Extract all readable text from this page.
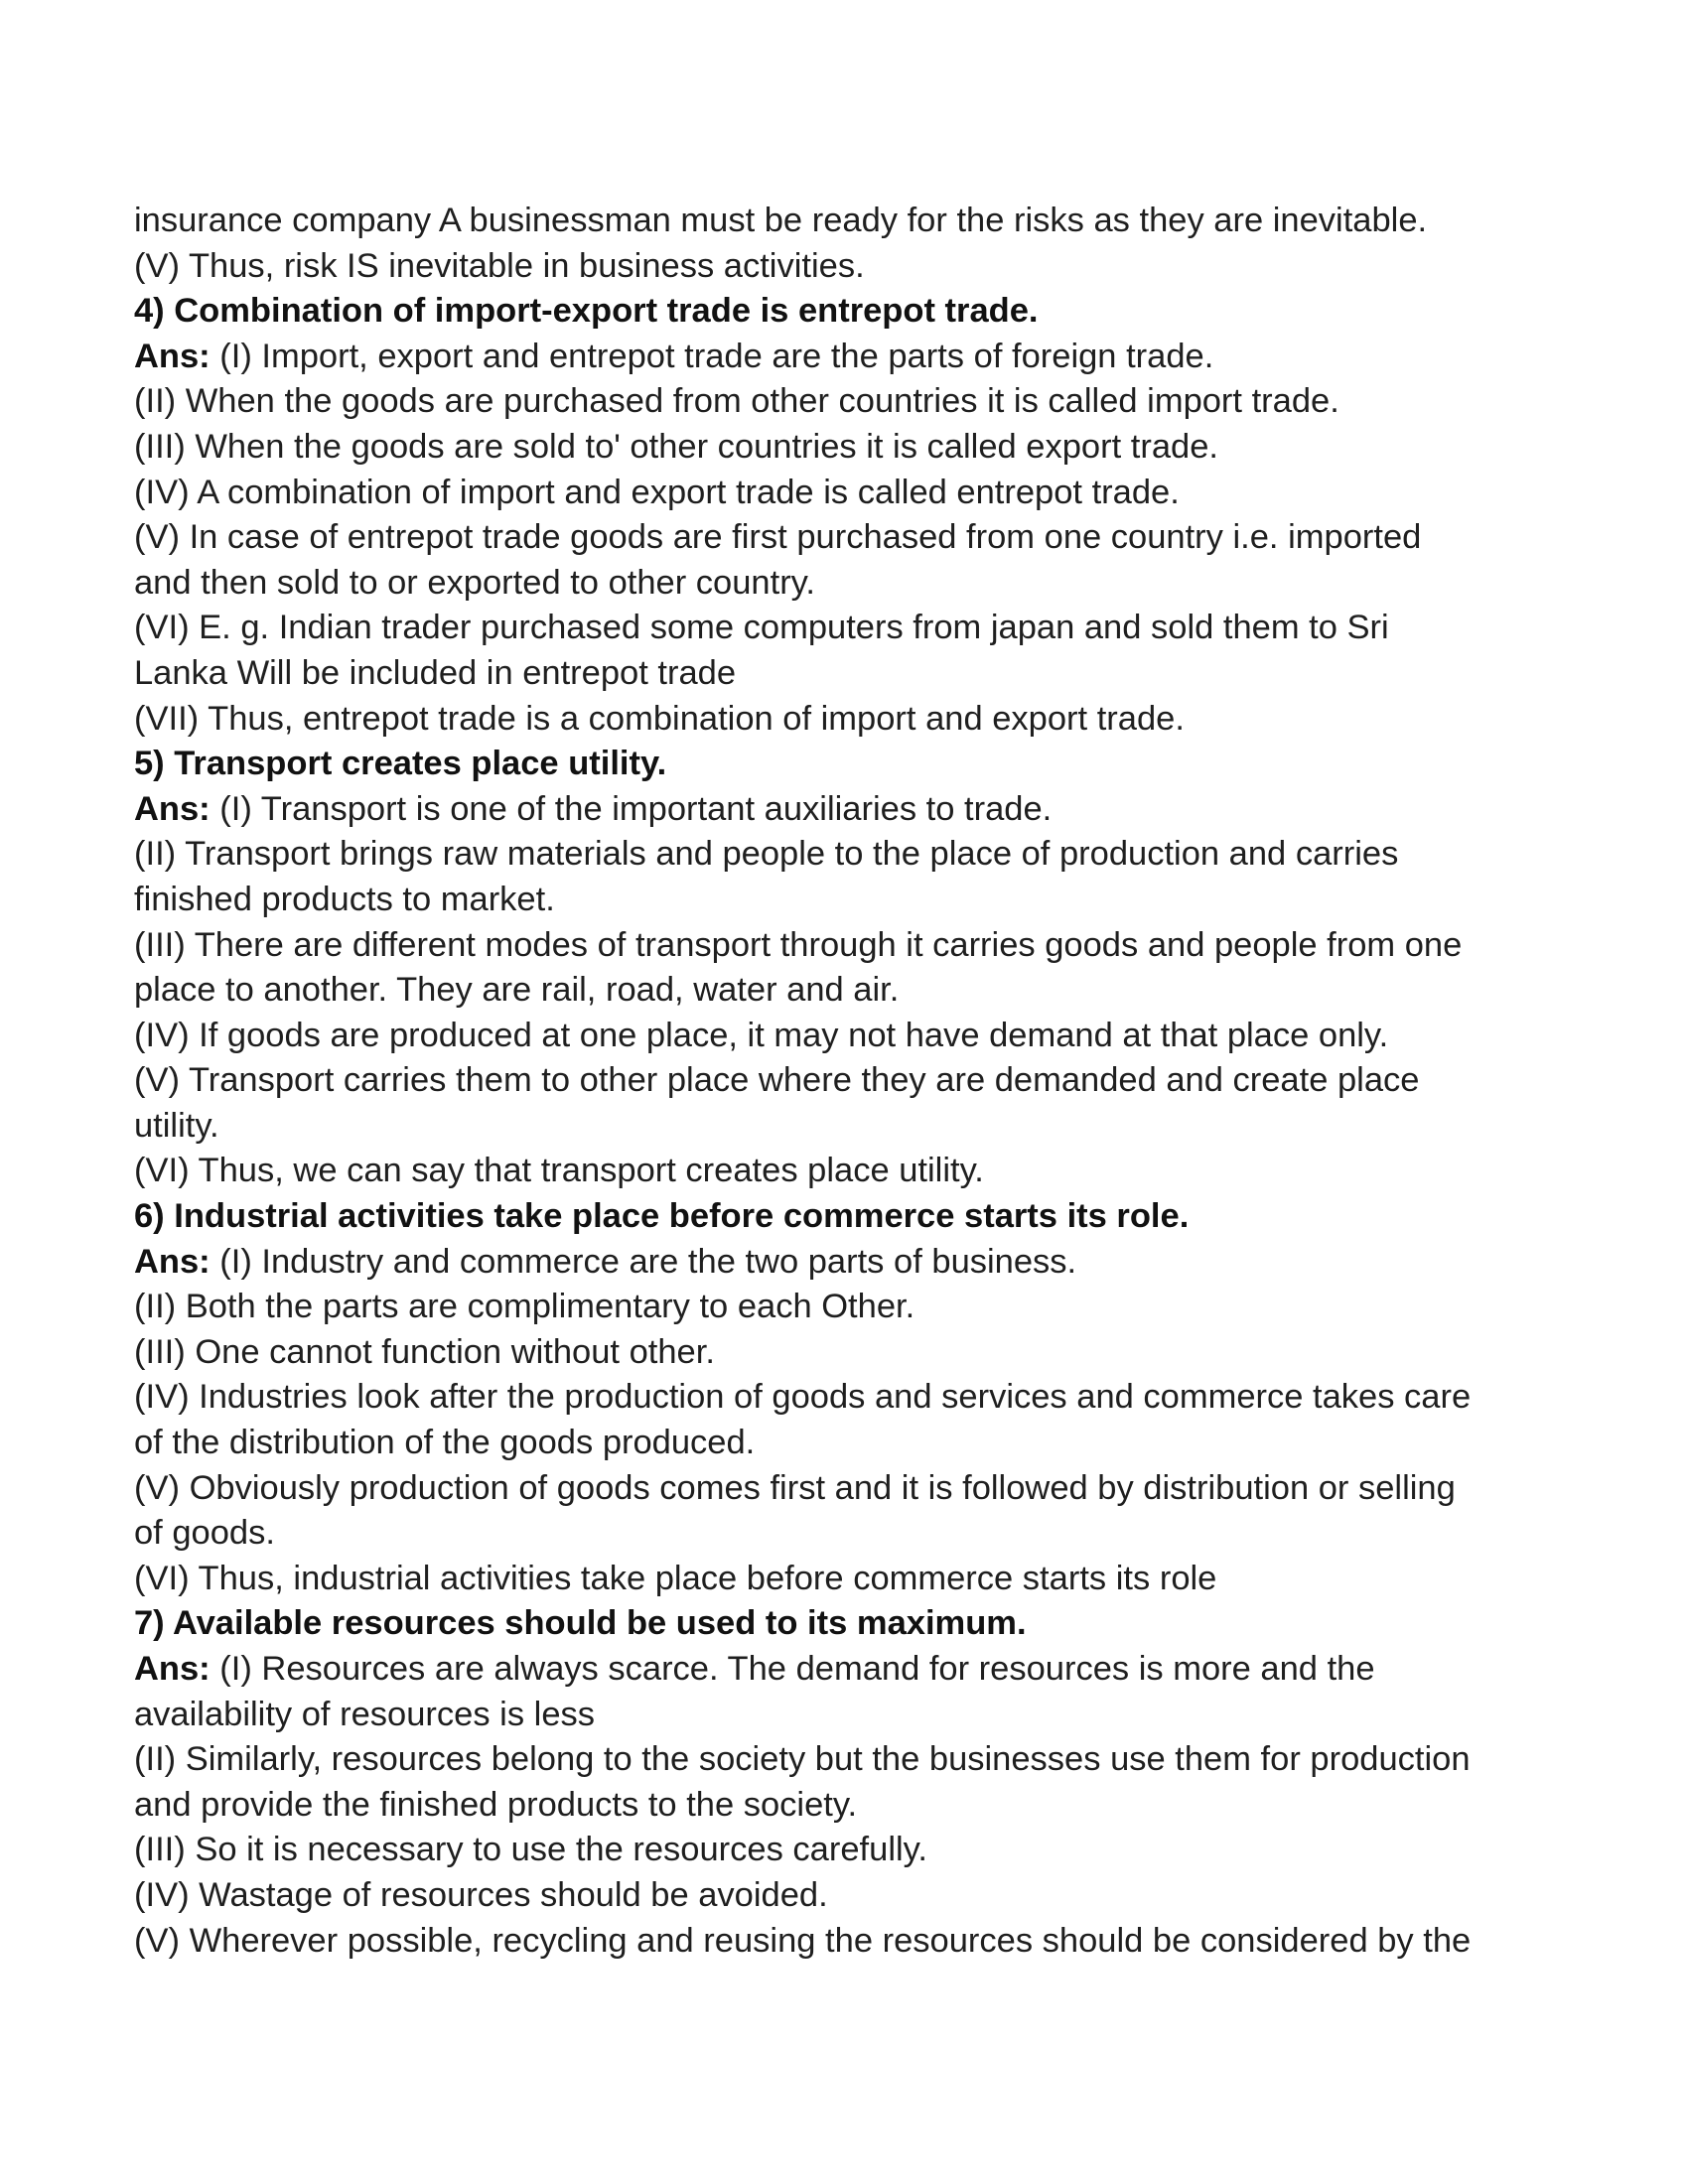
insurance company A businessman must be ready for the risks as they are inevitable.
(V) Thus, risk IS inevitable in business activities.
4) Combination of import-export trade is entrepot trade.
Ans: (I) Import, export and entrepot trade are the parts of foreign trade.
(II) When the goods are purchased from other countries it is called import trade.
(III) When the goods are sold to' other countries it is called export trade.
(IV) A combination of import and export trade is called entrepot trade.
(V) In case of entrepot trade goods are first purchased from one country i.e. imported
and then sold to or exported to other country.
(VI) E. g. Indian trader purchased some computers from japan and sold them to Sri
Lanka Will be included in entrepot trade
(VII) Thus, entrepot trade is a combination of import and export trade.
5) Transport creates place utility.
Ans: (I) Transport is one of the important auxiliaries to trade.
(II) Transport brings raw materials and people to the place of production and carries
finished products to market.
(III) There are different modes of transport through it carries goods and people from one
place to another. They are rail, road, water and air.
(IV) If goods are produced at one place, it may not have demand at that place only.
(V) Transport carries them to other place where they are demanded and create place
utility.
(VI) Thus, we can say that transport creates place utility.
6) Industrial activities take place before commerce starts its role.
Ans: (I) Industry and commerce are the two parts of business.
(II) Both the parts are complimentary to each Other.
(III) One cannot function without other.
(IV) Industries look after the production of goods and services and commerce takes care
of the distribution of the goods produced.
(V) Obviously production of goods comes first and it is followed by distribution or selling
of goods.
(VI) Thus, industrial activities take place before commerce starts its role
7) Available resources should be used to its maximum.
Ans: (I) Resources are always scarce. The demand for resources is more and the
availability of resources is less
(II) Similarly, resources belong to the society but the businesses use them for production
and provide the finished products to the society.
(III) So it is necessary to use the resources carefully.
(IV) Wastage of resources should be avoided.
(V) Wherever possible, recycling and reusing the resources should be considered by the
